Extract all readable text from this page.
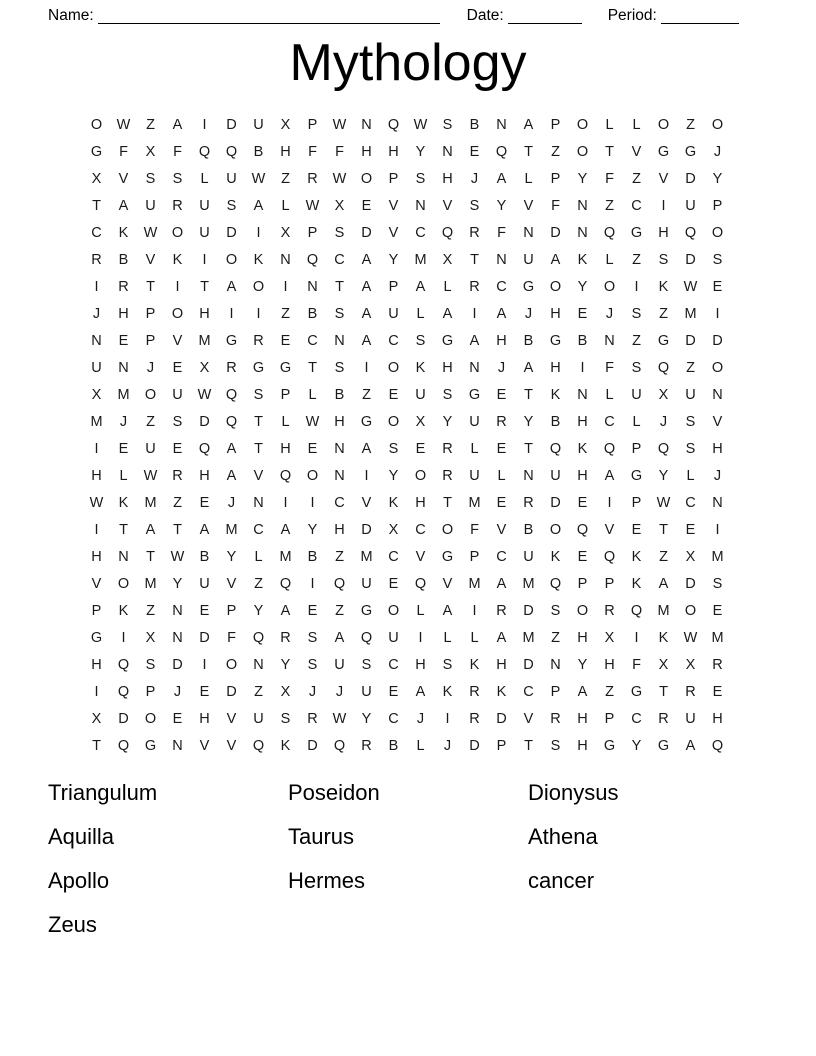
Name:	Date:	Period:
Mythology
O	W	Z	A	I	D	U	X	P	W	N	Q	W	S	B	N	A	P	O	L	L	O	Z	O
G	F	X	F	Q	Q	B	H	F	F	H	H	Y	N	E	Q	T	Z	O	T	V	G	G	J
X	V	S	S	L	U	W	Z	R	W	O	P	S	H	J	A	L	P	Y	F	Z	V	D	Y
T	A	U	R	U	S	A	L	W	X	E	V	N	V	S	Y	V	F	N	Z	C	I	U	P
C	K	W	O	U	D	I	X	P	S	D	V	C	Q	R	F	N	D	N	Q	G	H	Q	O
R	B	V	K	I	O	K	N	Q	C	A	Y	M	X	T	N	U	A	K	L	Z	S	D	S
I	R	T	I	T	A	O	I	N	T	A	P	A	L	R	C	G	O	Y	O	I	K	W	E
J	H	P	O	H	I	I	Z	B	S	A	U	L	A	I	A	J	H	E	J	S	Z	M	I
N	E	P	V	M	G	R	E	C	N	A	C	S	G	A	H	B	G	B	N	Z	G	D	D
U	N	J	E	X	R	G	G	T	S	I	O	K	H	N	J	A	H	I	F	S	Q	Z	O
X	M	O	U	W	Q	S	P	L	B	Z	E	U	S	G	E	T	K	N	L	U	X	U	N
M	J	Z	S	D	Q	T	L	W	H	G	O	X	Y	U	R	Y	B	H	C	L	J	S	V
I	E	U	E	Q	A	T	H	E	N	A	S	E	R	L	E	T	Q	K	Q	P	Q	S	H
H	L	W	R	H	A	V	Q	O	N	I	Y	O	R	U	L	N	U	H	A	G	Y	L	J
W	K	M	Z	E	J	N	I	I	C	V	K	H	T	M	E	R	D	E	I	P	W	C	N
I	T	A	T	A	M	C	A	Y	H	D	X	C	O	F	V	B	O	Q	V	E	T	E	I
H	N	T	W	B	Y	L	M	B	Z	M	C	V	G	P	C	U	K	E	Q	K	Z	X	M
V	O	M	Y	U	V	Z	Q	I	Q	U	E	Q	V	M	A	M	Q	P	P	K	A	D	S
P	K	Z	N	E	P	Y	A	E	Z	G	O	L	A	I	R	D	S	O	R	Q	M	O	E
G	I	X	N	D	F	Q	R	S	A	Q	U	I	L	L	A	M	Z	H	X	I	K	W M
H	Q	S	D	I	O	N	Y	S	U	S	C	H	S	K	H	D	N	Y	H	F	X	X	R
I	Q	P	J	E	D	Z	X	J	J	U	E	A	K	R	K	C	P	A	Z	G	T	R	E
X	D	O	E	H	V	U	S	R	W	Y	C	J	I	R	D	V	R	H	P	C	R	U	H
T	Q	G	N	V	V	Q	K	D	Q	R	B	L	J	D	P	T	S	H	G	Y	G	A	Q
Triangulum	Poseidon	Dionysus
Aquilla	Taurus	Athena
Apollo	Hermes	cancer
Zeus
